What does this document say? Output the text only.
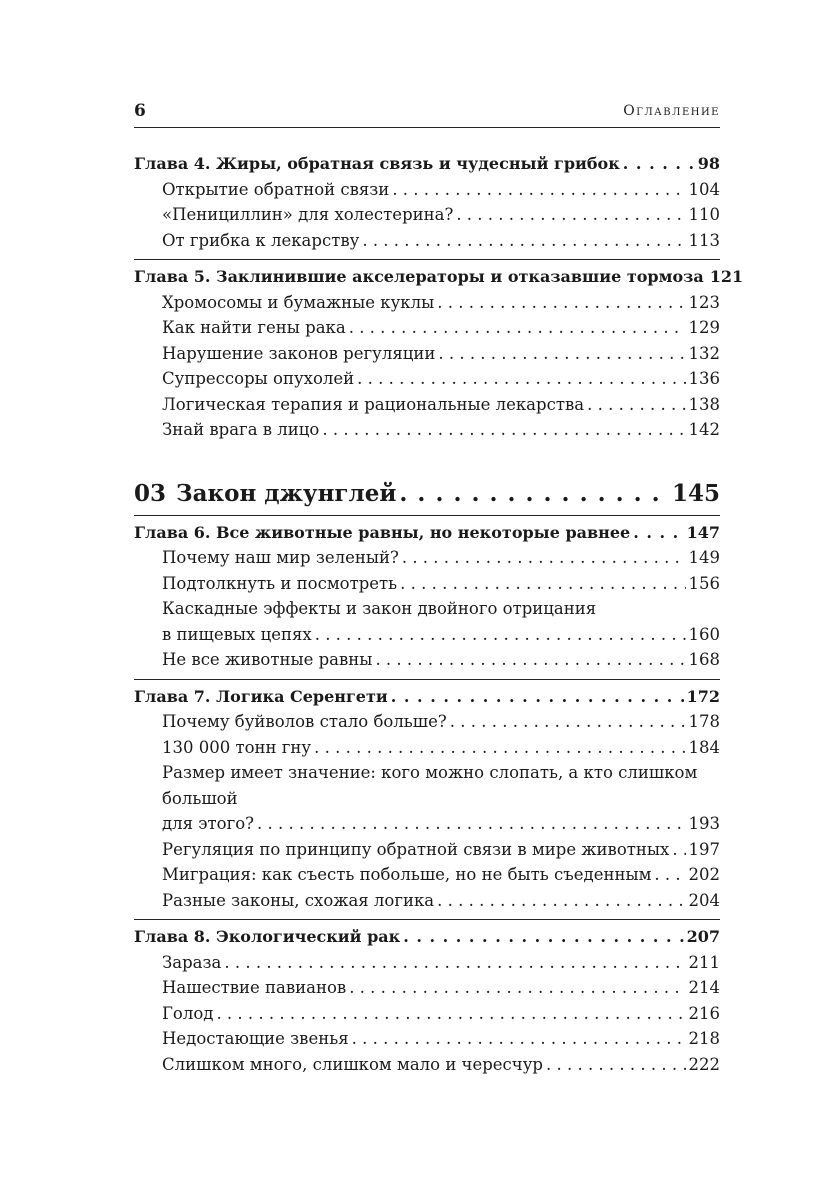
6	Оглавление
Глава 4. Жиры, обратная связь и чудесный грибок . . .	98
Открытие обратной связи . . .	104
«Пенициллин» для холестерина? . . .	110
От грибка к лекарству . . .	113
Глава 5. Заклинившие акселераторы и отказавшие тормоза 121
Хромосомы и бумажные куклы . . .	123
Как найти гены рака . . .	129
Нарушение законов регуляции . . .	132
Супрессоры опухолей . . .	136
Логическая терапия и рациональные лекарства . . .	138
Знай врага в лицо . . .	142
03 Закон джунглей . . .	145
Глава 6. Все животные равны, но некоторые равнее . . .	147
Почему наш мир зеленый? . . .	149
Подтолкнуть и посмотреть . . .	156
Каскадные эффекты и закон двойного отрицания
в пищевых цепях . . .	160
Не все животные равны . . .	168
Глава 7. Логика Серенгети . . .	172
Почему буйволов стало больше? . . .	178
130 000 тонн гну . . .	184
Размер имеет значение: кого можно слопать, а кто слишком большой
для этого? . . .	193
Регуляция по принципу обратной связи в мире животных . . . 197
Миграция: как съесть побольше, но не быть съеденным . . . 202
Разные законы, схожая логика . . .	204
Глава 8. Экологический рак . . .	207
Зараза . . .	211
Нашествие павианов . . .	214
Голод . . .	216
Недостающие звенья . . .	218
Слишком много, слишком мало и чересчур . . .	222
